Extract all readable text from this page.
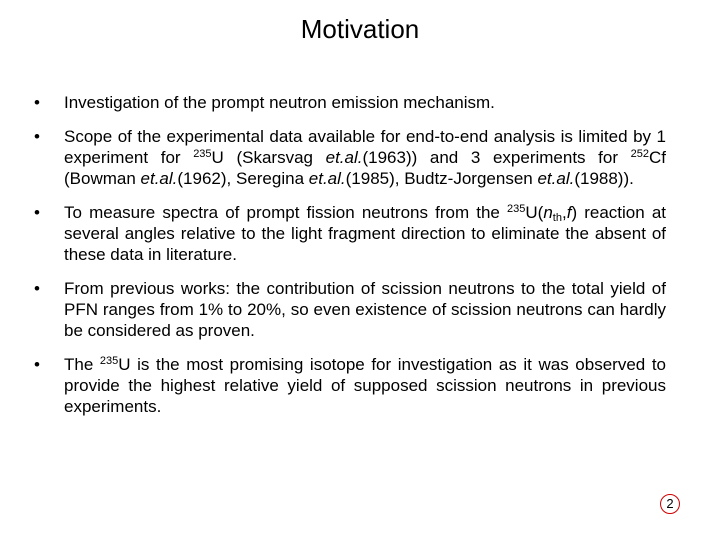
Motivation
• Investigation of the prompt neutron emission mechanism.
• Scope of the experimental data available for end-to-end analysis is limited by 1 experiment for $^{235}$U (Skarsvag et.al.(1963)) and 3 experiments for $^{252}$Cf (Bowman et.al.(1962), Seregina et.al.(1985), Budtz-Jorgensen et.al.(1988)).
• To measure spectra of prompt fission neutrons from the $^{235}U(n_{th},f)$ reaction at several angles relative to the light fragment direction to eliminate the absent of these data in literature.
• From previous works: the contribution of scission neutrons to the total yield of PFN ranges from 1% to 20%, so even existence of scission neutrons can hardly be considered as proven.
• The $^{235}$U is the most promising isotope for investigation as it was observed to provide the highest relative yield of supposed scission neutrons in previous experiments.
2
